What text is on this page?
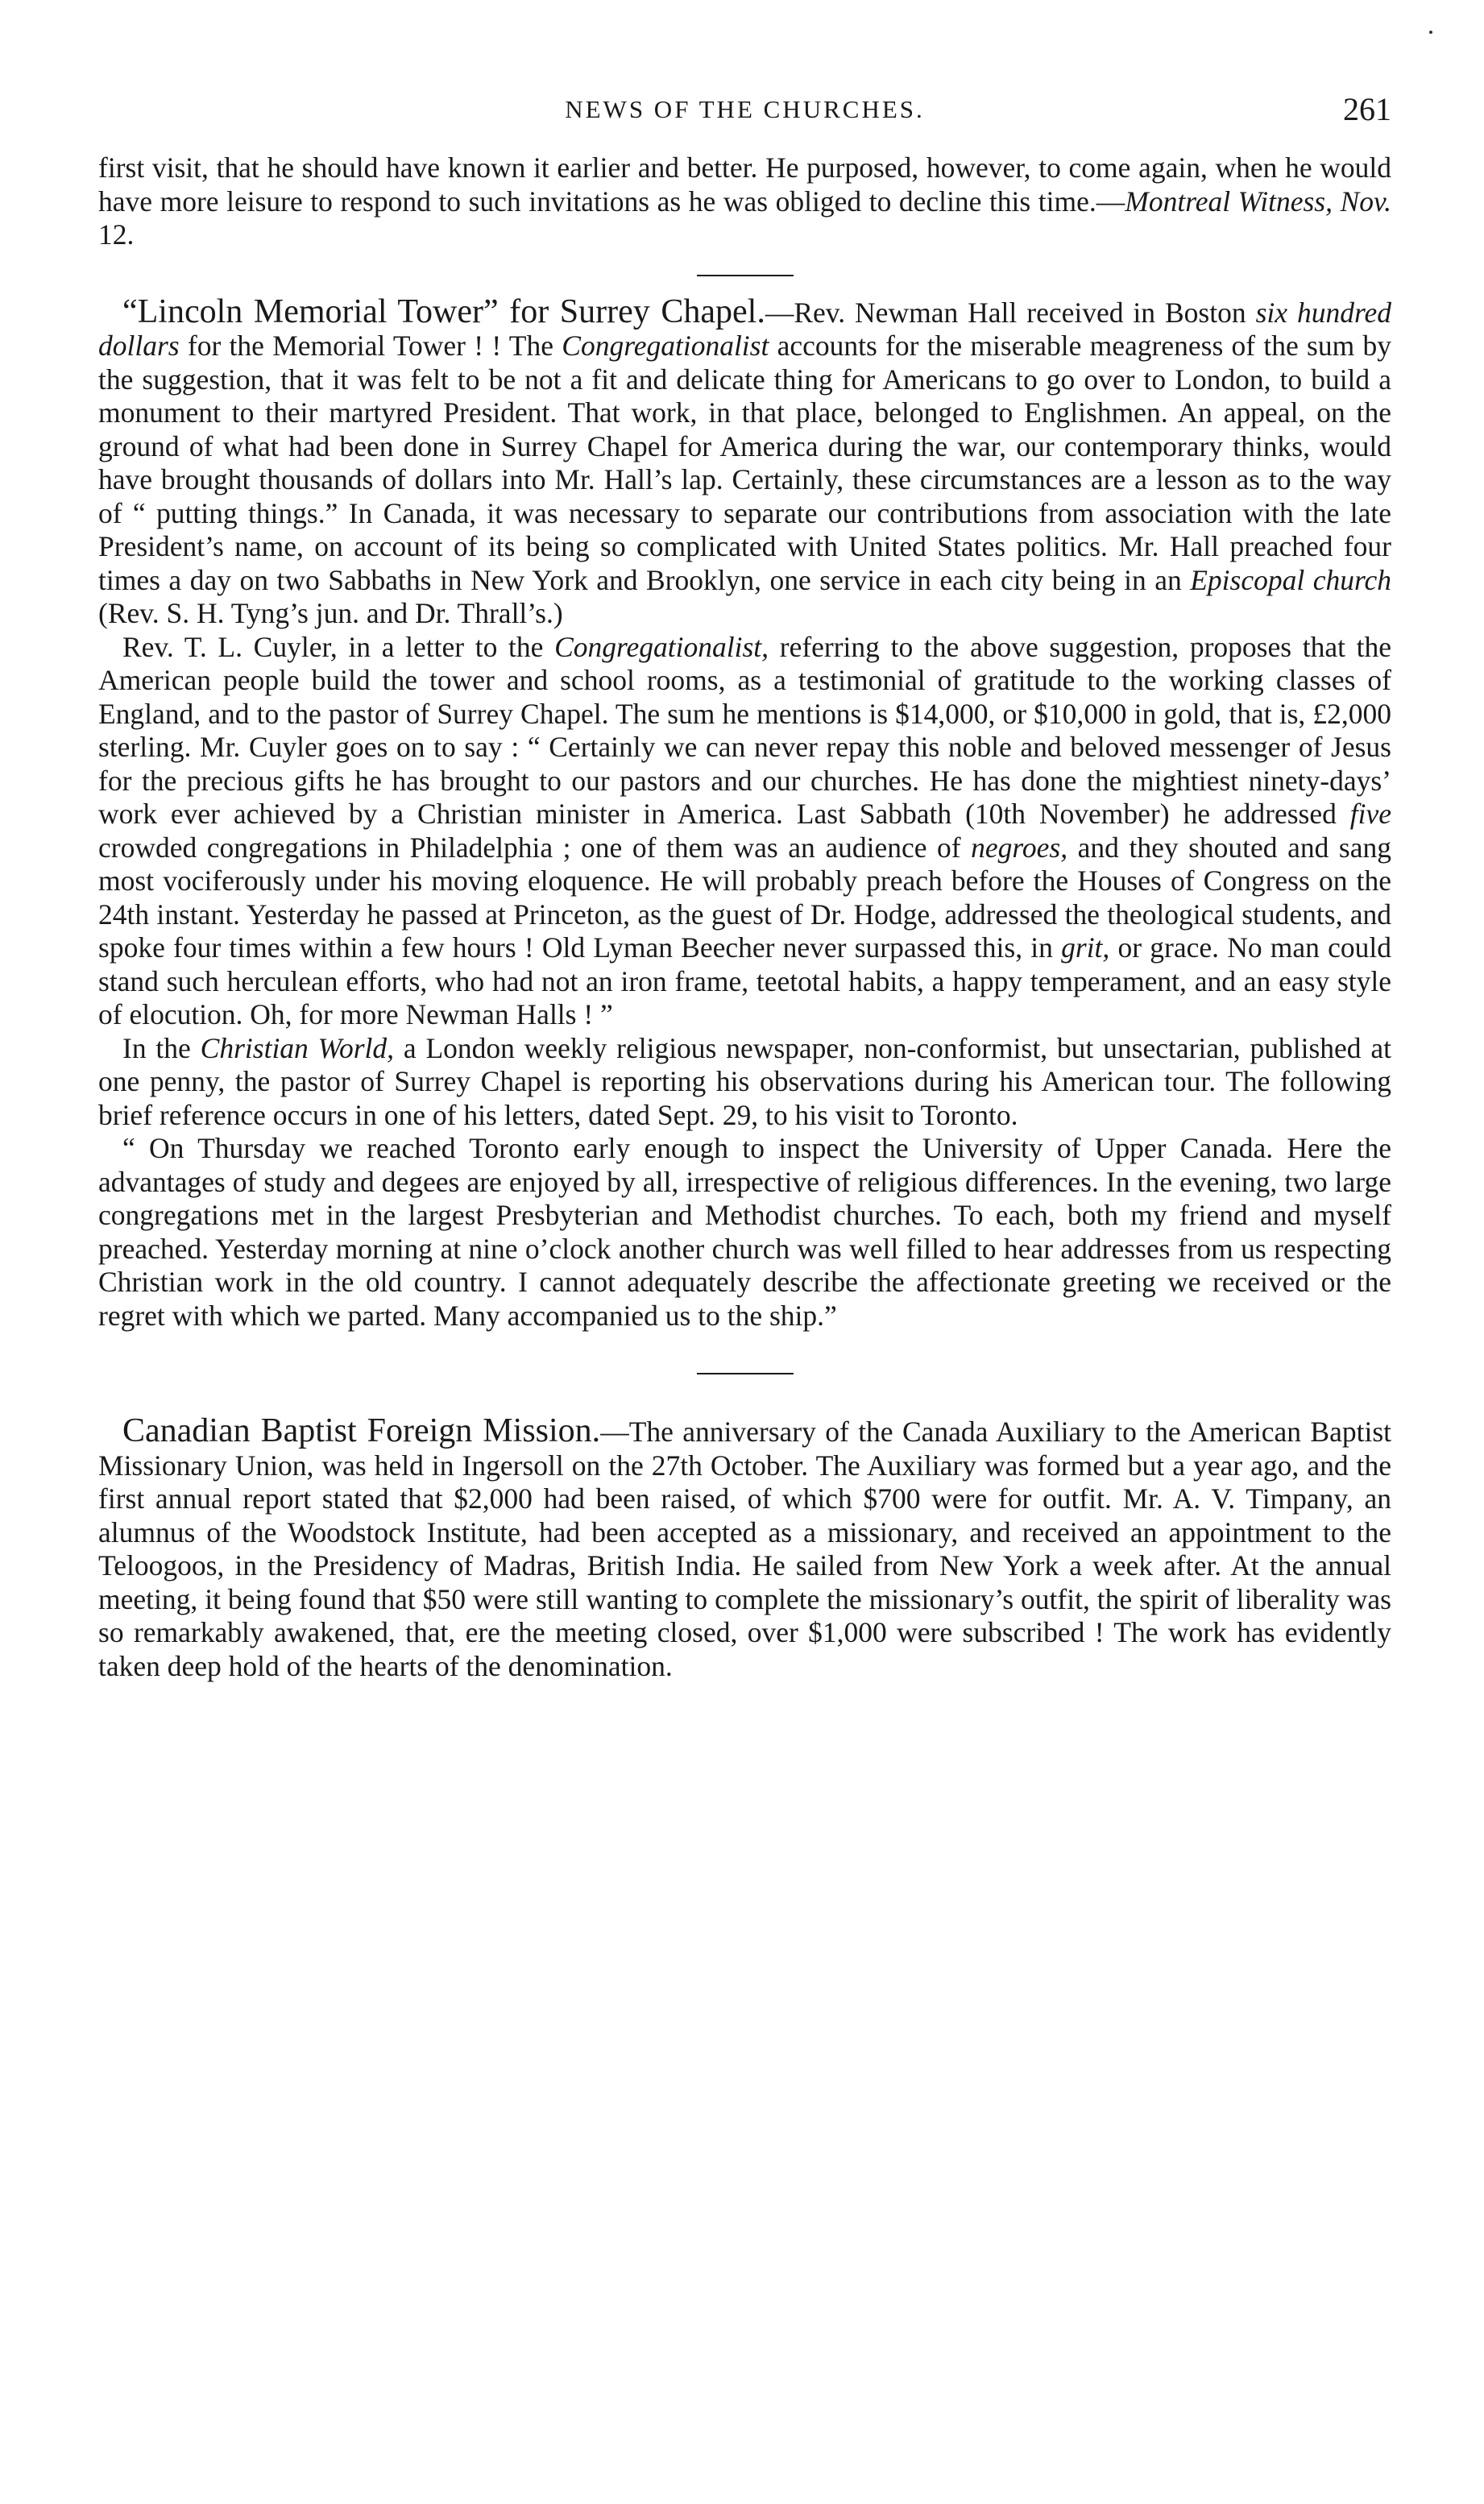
NEWS OF THE CHURCHES.	261

first visit, that he should have known it earlier and better. He purposed, however, to come again, when he would have more leisure to respond to such invitations as he was obliged to decline this time.—Montreal Witness, Nov. 12.

“Lincoln Memorial Tower” for Surrey Chapel.—Rev. Newman Hall received in Boston six hundred dollars for the Memorial Tower ! ! The Congregationalist accounts for the miserable meagreness of the sum by the suggestion, that it was felt to be not a fit and delicate thing for Americans to go over to London, to build a monument to their martyred President. That work, in that place, belonged to Englishmen. An appeal, on the ground of what had been done in Surrey Chapel for America during the war, our contemporary thinks, would have brought thousands of dollars into Mr. Hall’s lap. Certainly, these circumstances are a lesson as to the way of “ putting things.” In Canada, it was necessary to separate our contributions from association with the late President’s name, on account of its being so complicated with United States politics. Mr. Hall preached four times a day on two Sabbaths in New York and Brooklyn, one service in each city being in an Episcopal church (Rev. S. H. Tyng’s jun. and Dr. Thrall’s.)

Rev. T. L. Cuyler, in a letter to the Congregationalist, referring to the above suggestion, proposes that the American people build the tower and school rooms, as a testimonial of gratitude to the working classes of England, and to the pastor of Surrey Chapel. The sum he mentions is $14,000, or $10,000 in gold, that is, £2,000 sterling. Mr. Cuyler goes on to say : “ Certainly we can never repay this noble and beloved messenger of Jesus for the precious gifts he has brought to our pastors and our churches. He has done the mightiest ninety-days’ work ever achieved by a Christian minister in America. Last Sabbath (10th November) he addressed five crowded congregations in Philadelphia ; one of them was an audience of negroes, and they shouted and sang most vociferously under his moving eloquence. He will probably preach before the Houses of Congress on the 24th instant. Yesterday he passed at Princeton, as the guest of Dr. Hodge, addressed the theological students, and spoke four times within a few hours ! Old Lyman Beecher never surpassed this, in grit, or grace. No man could stand such herculean efforts, who had not an iron frame, teetotal habits, a happy temperament, and an easy style of elocution. Oh, for more Newman Halls ! ”

In the Christian World, a London weekly religious newspaper, non-conformist, but unsectarian, published at one penny, the pastor of Surrey Chapel is reporting his observations during his American tour. The following brief reference occurs in one of his letters, dated Sept. 29, to his visit to Toronto.

“ On Thursday we reached Toronto early enough to inspect the University of Upper Canada. Here the advantages of study and degees are enjoyed by all, irrespective of religious differences. In the evening, two large congregations met in the largest Presbyterian and Methodist churches. To each, both my friend and myself preached. Yesterday morning at nine o’clock another church was well filled to hear addresses from us respecting Christian work in the old country. I cannot adequately describe the affectionate greeting we received or the regret with which we parted. Many accompanied us to the ship.”

Canadian Baptist Foreign Mission.—The anniversary of the Canada Auxiliary to the American Baptist Missionary Union, was held in Ingersoll on the 27th October. The Auxiliary was formed but a year ago, and the first annual report stated that $2,000 had been raised, of which $700 were for outfit. Mr. A. V. Timpany, an alumnus of the Woodstock Institute, had been accepted as a missionary, and received an appointment to the Teloogoos, in the Presidency of Madras, British India. He sailed from New York a week after. At the annual meeting, it being found that $50 were still wanting to complete the missionary’s outfit, the spirit of liberality was so remarkably awakened, that, ere the meeting closed, over $1,000 were subscribed ! The work has evidently taken deep hold of the hearts of the denomination.
